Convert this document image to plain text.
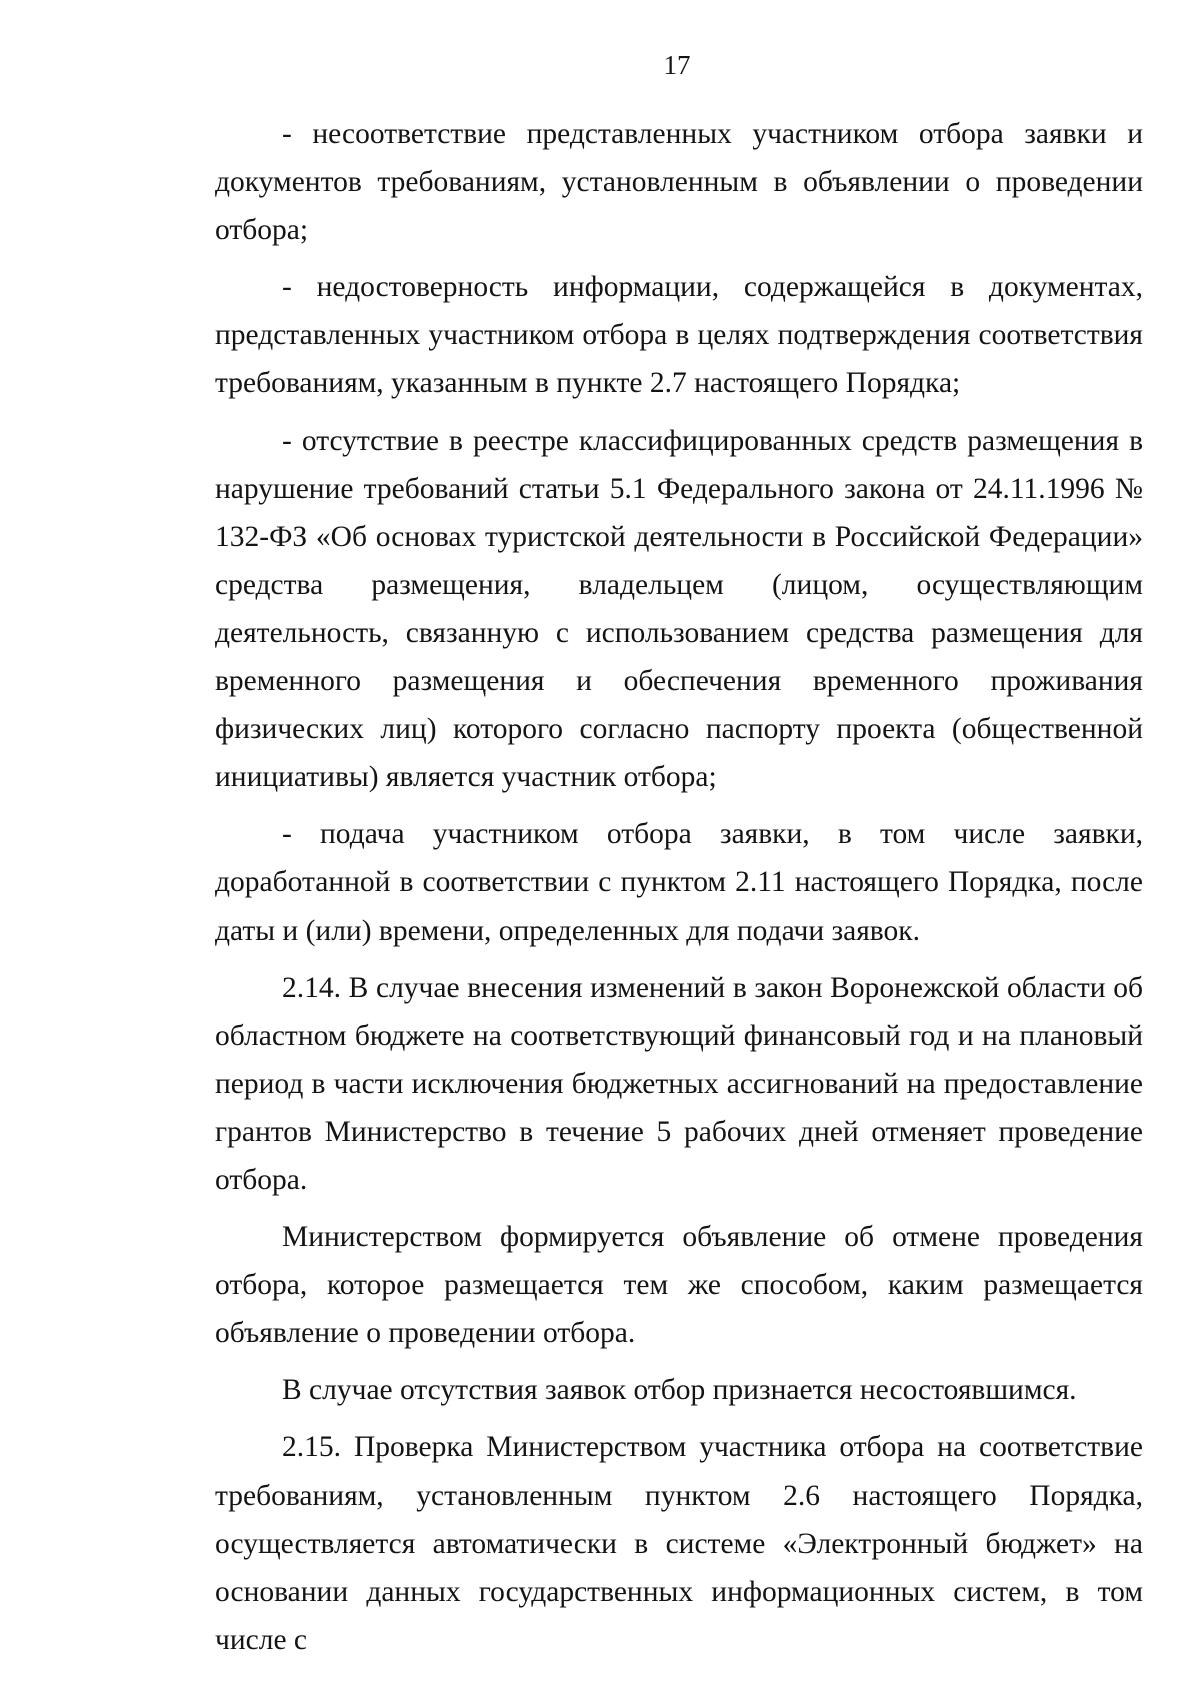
17

- несоответствие представленных участником отбора заявки и документов требованиям, установленным в объявлении о проведении отбора;

- недостоверность информации, содержащейся в документах, представленных участником отбора в целях подтверждения соответствия требованиям, указанным в пункте 2.7 настоящего Порядка;

- отсутствие в реестре классифицированных средств размещения в нарушение требований статьи 5.1 Федерального закона от 24.11.1996 № 132-ФЗ «Об основах туристской деятельности в Российской Федерации» средства размещения, владельцем (лицом, осуществляющим деятельность, связанную с использованием средства размещения для временного размещения и обеспечения временного проживания физических лиц) которого согласно паспорту проекта (общественной инициативы) является участник отбора;

- подача участником отбора заявки, в том числе заявки, доработанной в соответствии с пунктом 2.11 настоящего Порядка, после даты и (или) времени, определенных для подачи заявок.

2.14. В случае внесения изменений в закон Воронежской области об областном бюджете на соответствующий финансовый год и на плановый период в части исключения бюджетных ассигнований на предоставление грантов Министерство в течение 5 рабочих дней отменяет проведение отбора.

Министерством формируется объявление об отмене проведения отбора, которое размещается тем же способом, каким размещается объявление о проведении отбора.

В случае отсутствия заявок отбор признается несостоявшимся.

2.15. Проверка Министерством участника отбора на соответствие требованиям, установленным пунктом 2.6 настоящего Порядка, осуществляется автоматически в системе «Электронный бюджет» на основании данных государственных информационных систем, в том числе с
